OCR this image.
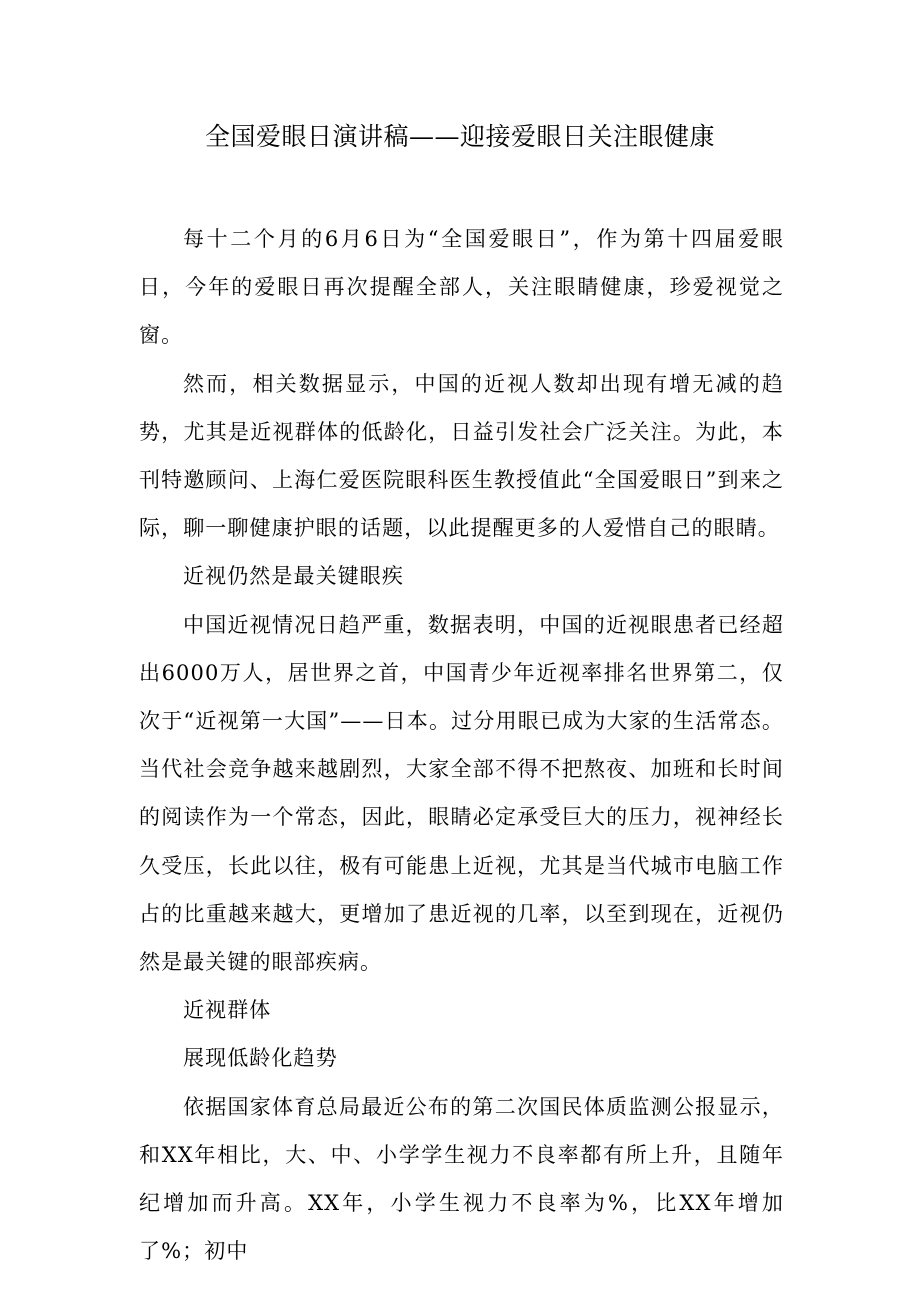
全国爱眼日演讲稿——迎接爱眼日关注眼健康

每十二个月的6月6日为“全国爱眼日”，作为第十四届爱眼日，今年的爱眼日再次提醒全部人，关注眼睛健康，珍爱视觉之窗。

然而，相关数据显示，中国的近视人数却出现有增无减的趋势，尤其是近视群体的低龄化，日益引发社会广泛关注。为此，本刊特邀顾问、上海仁爱医院眼科医生教授值此“全国爱眼日”到来之际，聊一聊健康护眼的话题，以此提醒更多的人爱惜自己的眼睛。

近视仍然是最关键眼疾

中国近视情况日趋严重，数据表明，中国的近视眼患者已经超出6000万人，居世界之首，中国青少年近视率排名世界第二，仅次于“近视第一大国”——日本。过分用眼已成为大家的生活常态。当代社会竞争越来越剧烈，大家全部不得不把熬夜、加班和长时间的阅读作为一个常态，因此，眼睛必定承受巨大的压力，视神经长久受压，长此以往，极有可能患上近视，尤其是当代城市电脑工作占的比重越来越大，更增加了患近视的几率，以至到现在，近视仍然是最关键的眼部疾病。

近视群体

展现低龄化趋势

依据国家体育总局最近公布的第二次国民体质监测公报显示，和XX年相比，大、中、小学学生视力不良率都有所上升，且随年纪增加而升高。XX年，小学生视力不良率为%，比XX年增加了%；初中
